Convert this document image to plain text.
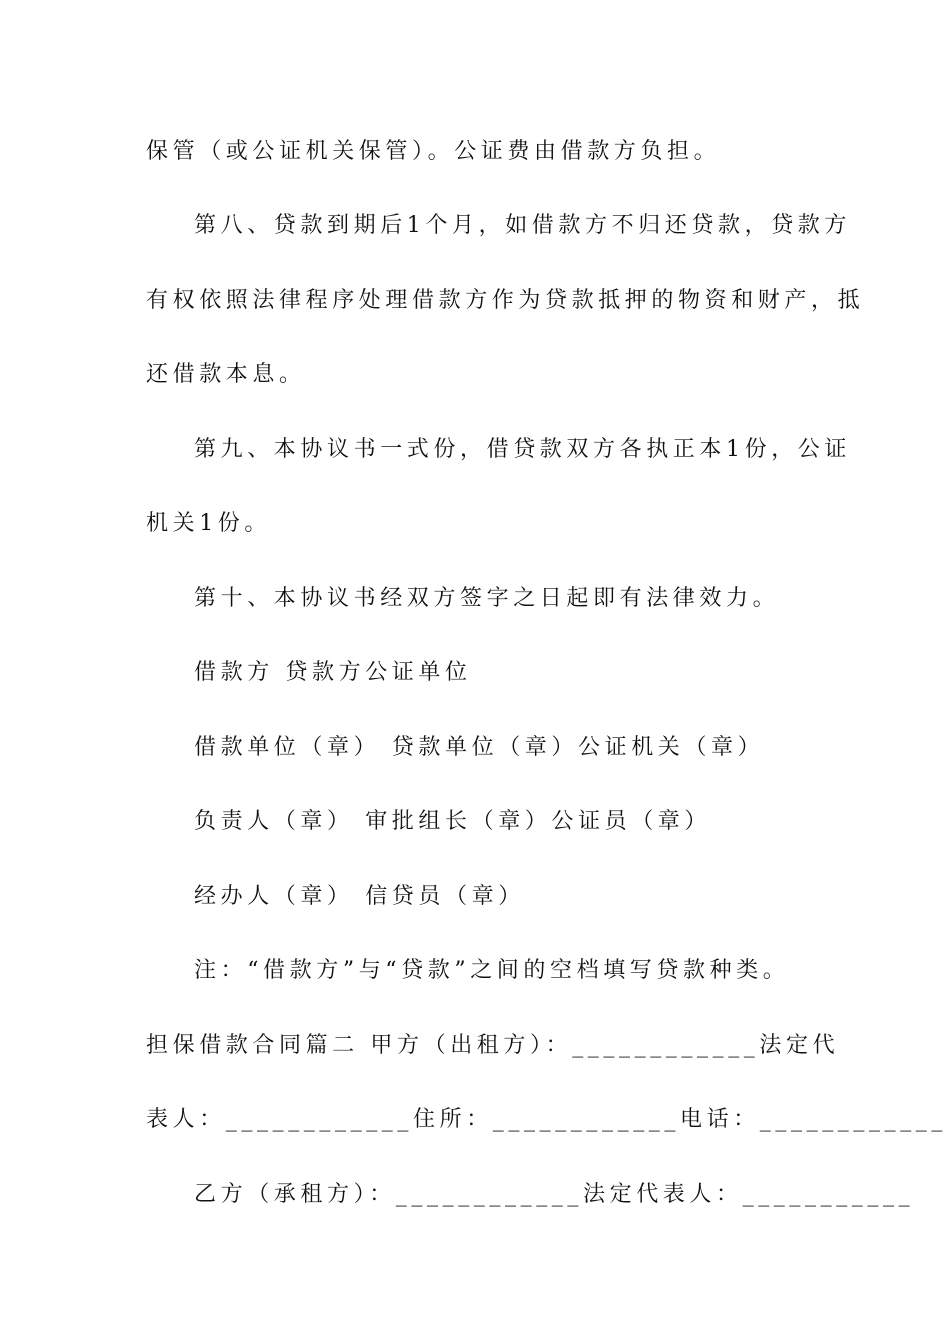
保管（或公证机关保管）。公证费由借款方负担。
第八、贷款到期后1个月，如借款方不归还贷款，贷款方
有权依照法律程序处理借款方作为贷款抵押的物资和财产，抵
还借款本息。
第九、本协议书一式份，借贷款双方各执正本1份，公证
机关1份。
第十、本协议书经双方签字之日起即有法律效力。
借款方 贷款方公证单位
借款单位（章） 贷款单位（章）公证机关（章）
负责人（章） 审批组长（章）公证员（章）
经办人（章） 信贷员（章）
注：“借款方”与“贷款”之间的空档填写贷款种类。
担保借款合同篇二 甲方（出租方）：____________法定代
表人：____________住所：____________电话：____________
乙方（承租方）：____________法定代表人：___________
